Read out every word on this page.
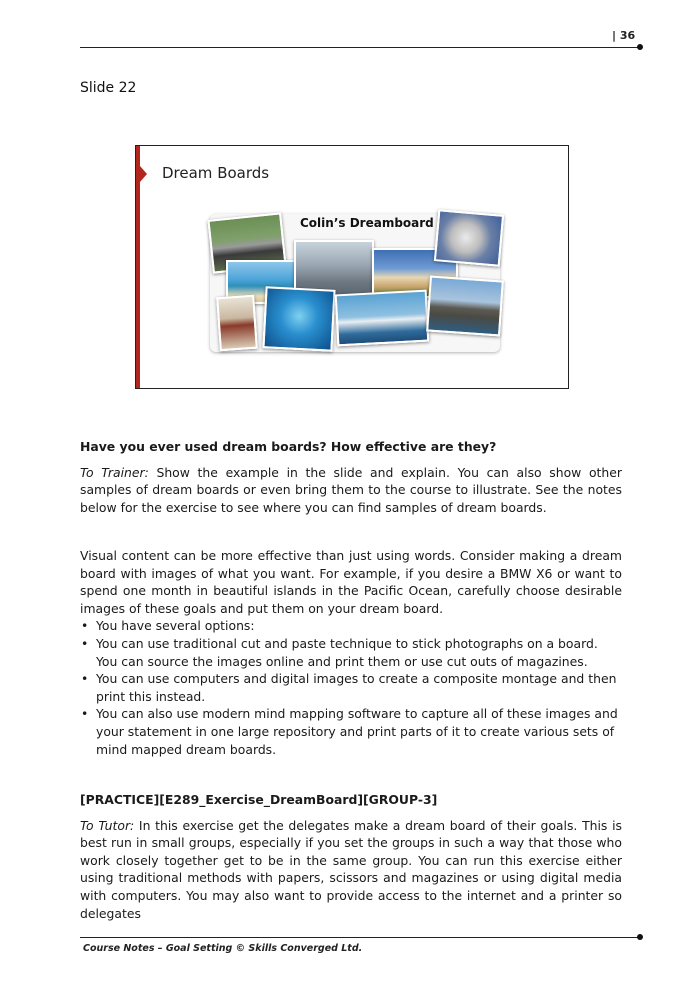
| 36
Slide 22
Dream Boards
Colin’s Dreamboard

Have you ever used dream boards? How effective are they?

To Trainer: Show the example in the slide and explain. You can also show other samples of dream boards or even bring them to the course to illustrate. See the notes below for the exercise to see where you can find samples of dream boards.

Visual content can be more effective than just using words. Consider making a dream board with images of what you want. For example, if you desire a BMW X6 or want to spend one month in beautiful islands in the Pacific Ocean, carefully choose desirable images of these goals and put them on your dream board.

• You have several options:
• You can use traditional cut and paste technique to stick photographs on a board. You can source the images online and print them or use cut outs of magazines.
• You can use computers and digital images to create a composite montage and then print this instead.
• You can also use modern mind mapping software to capture all of these images and your statement in one large repository and print parts of it to create various sets of mind mapped dream boards.

[PRACTICE][E289_Exercise_DreamBoard][GROUP-3]

To Tutor: In this exercise get the delegates make a dream board of their goals. This is best run in small groups, especially if you set the groups in such a way that those who work closely together get to be in the same group. You can run this exercise either using traditional methods with papers, scissors and magazines or using digital media with computers. You may also want to provide access to the internet and a printer so delegates

Course Notes – Goal Setting © Skills Converged Ltd.
